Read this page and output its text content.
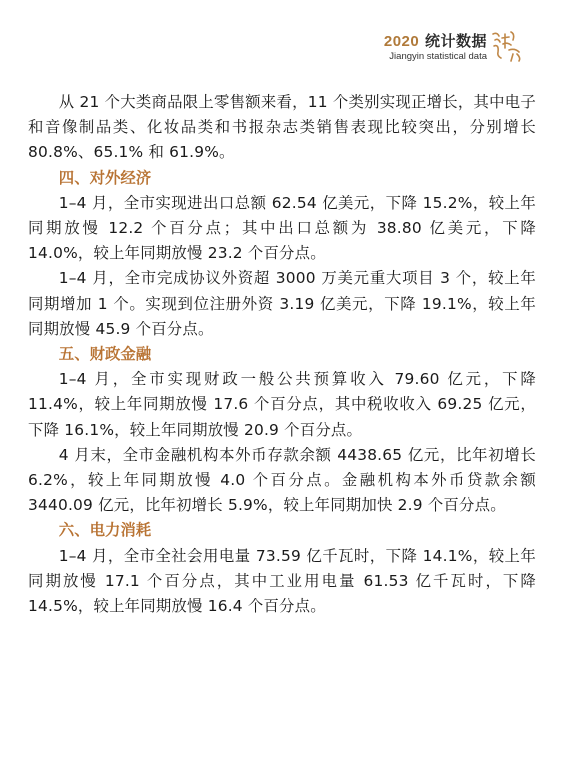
2020 统计数据
Jiangyin statistical data

从 21 个大类商品限上零售额来看，11 个类别实现正增长，其中电子和音像制品类、化妆品类和书报杂志类销售表现比较突出，分别增长 80.8%、65.1% 和 61.9%。

四、对外经济

1–4 月，全市实现进出口总额 62.54 亿美元，下降 15.2%，较上年同期放慢 12.2 个百分点；其中出口总额为 38.80 亿美元，下降 14.0%，较上年同期放慢 23.2 个百分点。

1–4 月，全市完成协议外资超 3000 万美元重大项目 3 个，较上年同期增加 1 个。实现到位注册外资 3.19 亿美元，下降 19.1%，较上年同期放慢 45.9 个百分点。

五、财政金融

1–4 月，全市实现财政一般公共预算收入 79.60 亿元，下降 11.4%，较上年同期放慢 17.6 个百分点，其中税收收入 69.25 亿元，下降 16.1%，较上年同期放慢 20.9 个百分点。

4 月末，全市金融机构本外币存款余额 4438.65 亿元，比年初增长 6.2%，较上年同期放慢 4.0 个百分点。金融机构本外币贷款余额 3440.09 亿元，比年初增长 5.9%，较上年同期加快 2.9 个百分点。

六、电力消耗

1–4 月，全市全社会用电量 73.59 亿千瓦时，下降 14.1%，较上年同期放慢 17.1 个百分点，其中工业用电量 61.53 亿千瓦时，下降 14.5%，较上年同期放慢 16.4 个百分点。
